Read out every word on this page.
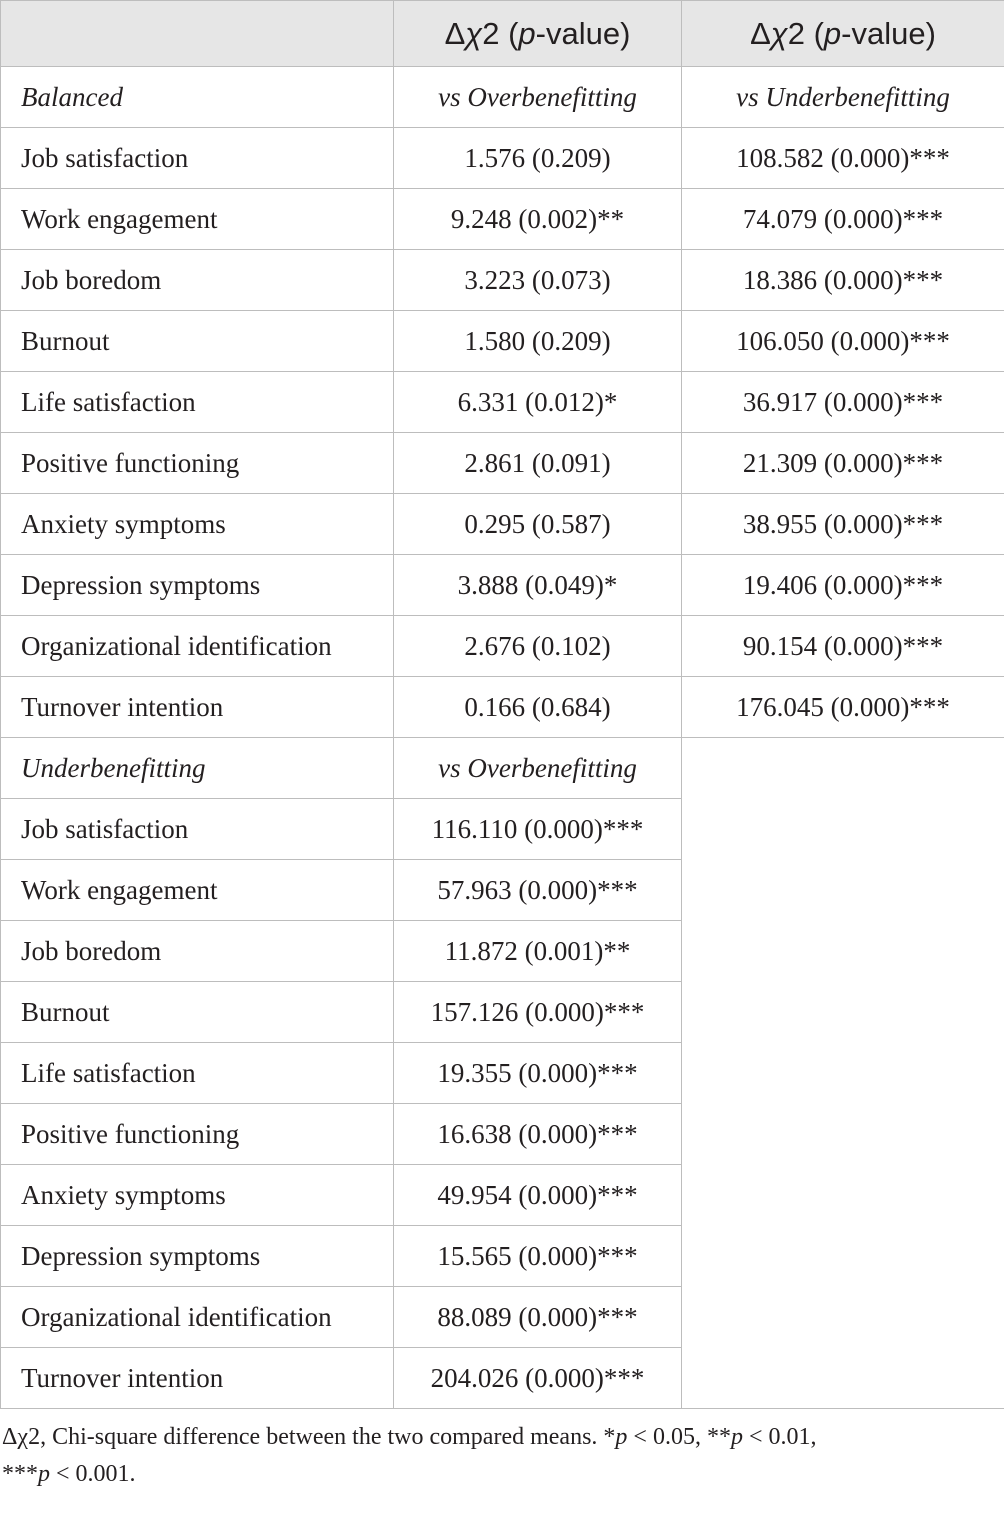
	Δχ2 (p-value)	Δχ2 (p-value)
Balanced	vs Overbenefitting	vs Underbenefitting
Job satisfaction	1.576 (0.209)	108.582 (0.000)***
Work engagement	9.248 (0.002)**	74.079 (0.000)***
Job boredom	3.223 (0.073)	18.386 (0.000)***
Burnout	1.580 (0.209)	106.050 (0.000)***
Life satisfaction	6.331 (0.012)*	36.917 (0.000)***
Positive functioning	2.861 (0.091)	21.309 (0.000)***
Anxiety symptoms	0.295 (0.587)	38.955 (0.000)***
Depression symptoms	3.888 (0.049)*	19.406 (0.000)***
Organizational identification	2.676 (0.102)	90.154 (0.000)***
Turnover intention	0.166 (0.684)	176.045 (0.000)***
Underbenefitting	vs Overbenefitting	
Job satisfaction	116.110 (0.000)***	
Work engagement	57.963 (0.000)***	
Job boredom	11.872 (0.001)**	
Burnout	157.126 (0.000)***	
Life satisfaction	19.355 (0.000)***	
Positive functioning	16.638 (0.000)***	
Anxiety symptoms	49.954 (0.000)***	
Depression symptoms	15.565 (0.000)***	
Organizational identification	88.089 (0.000)***	
Turnover intention	204.026 (0.000)***	
Δχ2, Chi-square difference between the two compared means. *p < 0.05, **p < 0.01,
***p < 0.001.
